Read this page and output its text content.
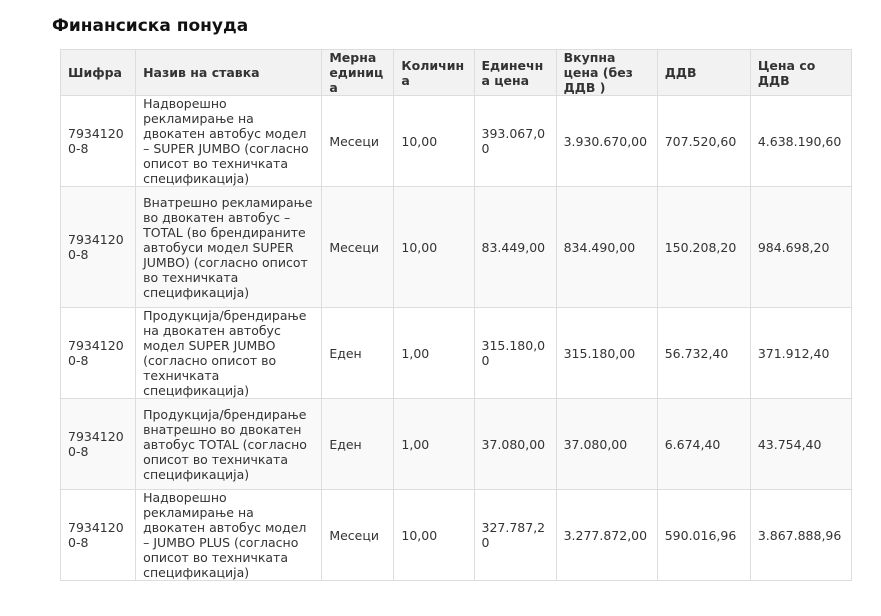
Финансиска понуда
Шифра	Назив на ставка	Мерна единица	Количина	Единечна цена	Вкупна цена (без ДДВ )	ДДВ	Цена со ДДВ
79341200-8	Надворешно рекламирање на двокатен автобус модел – SUPER JUMBO (согласно описот во техничката спецификација)	Месеци	10,00	393.067,00	3.930.670,00	707.520,60	4.638.190,60
79341200-8	Внатрешно рекламирање во двокатен автобус – TOTAL (во брендираните автобуси модел SUPER JUMBO) (согласно описот во техничката спецификација)	Месеци	10,00	83.449,00	834.490,00	150.208,20	984.698,20
79341200-8	Продукција/брендирање на двокатен автобус модел SUPER JUMBO (согласно описот во техничката спецификација)	Еден	1,00	315.180,00	315.180,00	56.732,40	371.912,40
79341200-8	Продукција/брендирање внатрешно во двокатен автобус TOTAL (согласно описот во техничката спецификација)	Еден	1,00	37.080,00	37.080,00	6.674,40	43.754,40
79341200-8	Надворешно рекламирање на двокатен автобус модел – JUMBO PLUS (согласно описот во техничката спецификација)	Месеци	10,00	327.787,20	3.277.872,00	590.016,96	3.867.888,96
